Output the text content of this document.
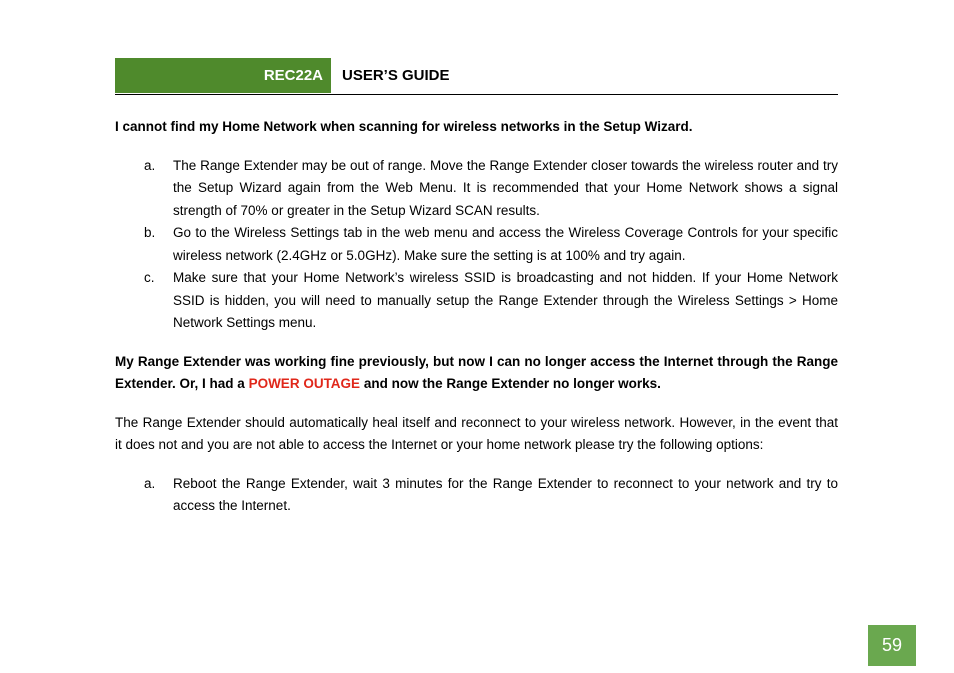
REC22A	USER’S GUIDE

I cannot find my Home Network when scanning for wireless networks in the Setup Wizard.

a. The Range Extender may be out of range. Move the Range Extender closer towards the wireless router and try the Setup Wizard again from the Web Menu. It is recommended that your Home Network shows a signal strength of 70% or greater in the Setup Wizard SCAN results.
b. Go to the Wireless Settings tab in the web menu and access the Wireless Coverage Controls for your specific wireless network (2.4GHz or 5.0GHz). Make sure the setting is at 100% and try again.
c. Make sure that your Home Network’s wireless SSID is broadcasting and not hidden. If your Home Network SSID is hidden, you will need to manually setup the Range Extender through the Wireless Settings > Home Network Settings menu.

My Range Extender was working fine previously, but now I can no longer access the Internet through the Range Extender. Or, I had a POWER OUTAGE and now the Range Extender no longer works.

The Range Extender should automatically heal itself and reconnect to your wireless network. However, in the event that it does not and you are not able to access the Internet or your home network please try the following options:

a. Reboot the Range Extender, wait 3 minutes for the Range Extender to reconnect to your network and try to access the Internet.
59
